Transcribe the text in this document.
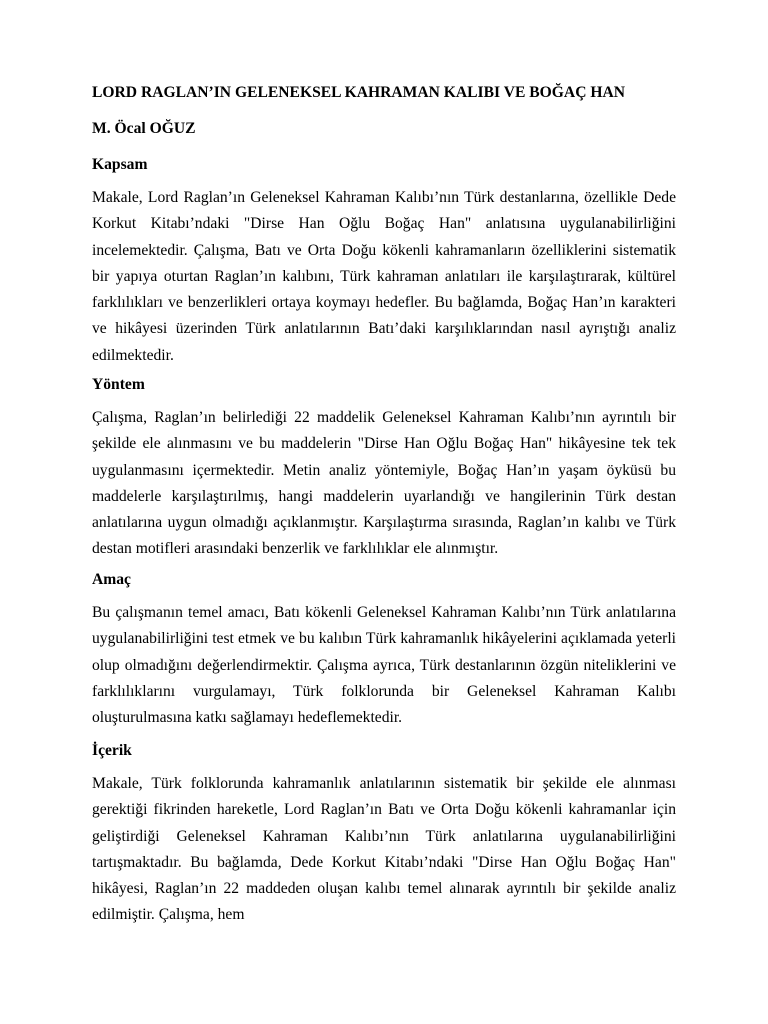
LORD RAGLAN’IN GELENEKSEL KAHRAMAN KALIBI VE BOĞAÇ HAN
M. Öcal OĞUZ
Kapsam
Makale, Lord Raglan’ın Geleneksel Kahraman Kalıbı’nın Türk destanlarına, özellikle Dede Korkut Kitabı’ndaki "Dirse Han Oğlu Boğaç Han" anlatısına uygulanabilirliğini incelemektedir. Çalışma, Batı ve Orta Doğu kökenli kahramanların özelliklerini sistematik bir yapıya oturtan Raglan’ın kalıbını, Türk kahraman anlatıları ile karşılaştırarak, kültürel farklılıkları ve benzerlikleri ortaya koymayı hedefler. Bu bağlamda, Boğaç Han’ın karakteri ve hikâyesi üzerinden Türk anlatılarının Batı’daki karşılıklarından nasıl ayrıştığı analiz edilmektedir.
Yöntem
Çalışma, Raglan’ın belirlediği 22 maddelik Geleneksel Kahraman Kalıbı’nın ayrıntılı bir şekilde ele alınmasını ve bu maddelerin "Dirse Han Oğlu Boğaç Han" hikâyesine tek tek uygulanmasını içermektedir. Metin analiz yöntemiyle, Boğaç Han’ın yaşam öyküsü bu maddelerle karşılaştırılmış, hangi maddelerin uyarlandığı ve hangilerinin Türk destan anlatılarına uygun olmadığı açıklanmıştır. Karşılaştırma sırasında, Raglan’ın kalıbı ve Türk destan motifleri arasındaki benzerlik ve farklılıklar ele alınmıştır.
Amaç
Bu çalışmanın temel amacı, Batı kökenli Geleneksel Kahraman Kalıbı’nın Türk anlatılarına uygulanabilirliğini test etmek ve bu kalıbın Türk kahramanlık hikâyelerini açıklamada yeterli olup olmadığını değerlendirmektir. Çalışma ayrıca, Türk destanlarının özgün niteliklerini ve farklılıklarını vurgulamayı, Türk folklorunda bir Geleneksel Kahraman Kalıbı oluşturulmasına katkı sağlamayı hedeflemektedir.
İçerik
Makale, Türk folklorunda kahramanlık anlatılarının sistematik bir şekilde ele alınması gerektiği fikrinden hareketle, Lord Raglan’ın Batı ve Orta Doğu kökenli kahramanlar için geliştirdiği Geleneksel Kahraman Kalıbı’nın Türk anlatılarına uygulanabilirliğini tartışmaktadır. Bu bağlamda, Dede Korkut Kitabı’ndaki "Dirse Han Oğlu Boğaç Han" hikâyesi, Raglan’ın 22 maddeden oluşan kalıbı temel alınarak ayrıntılı bir şekilde analiz edilmiştir. Çalışma, hem
